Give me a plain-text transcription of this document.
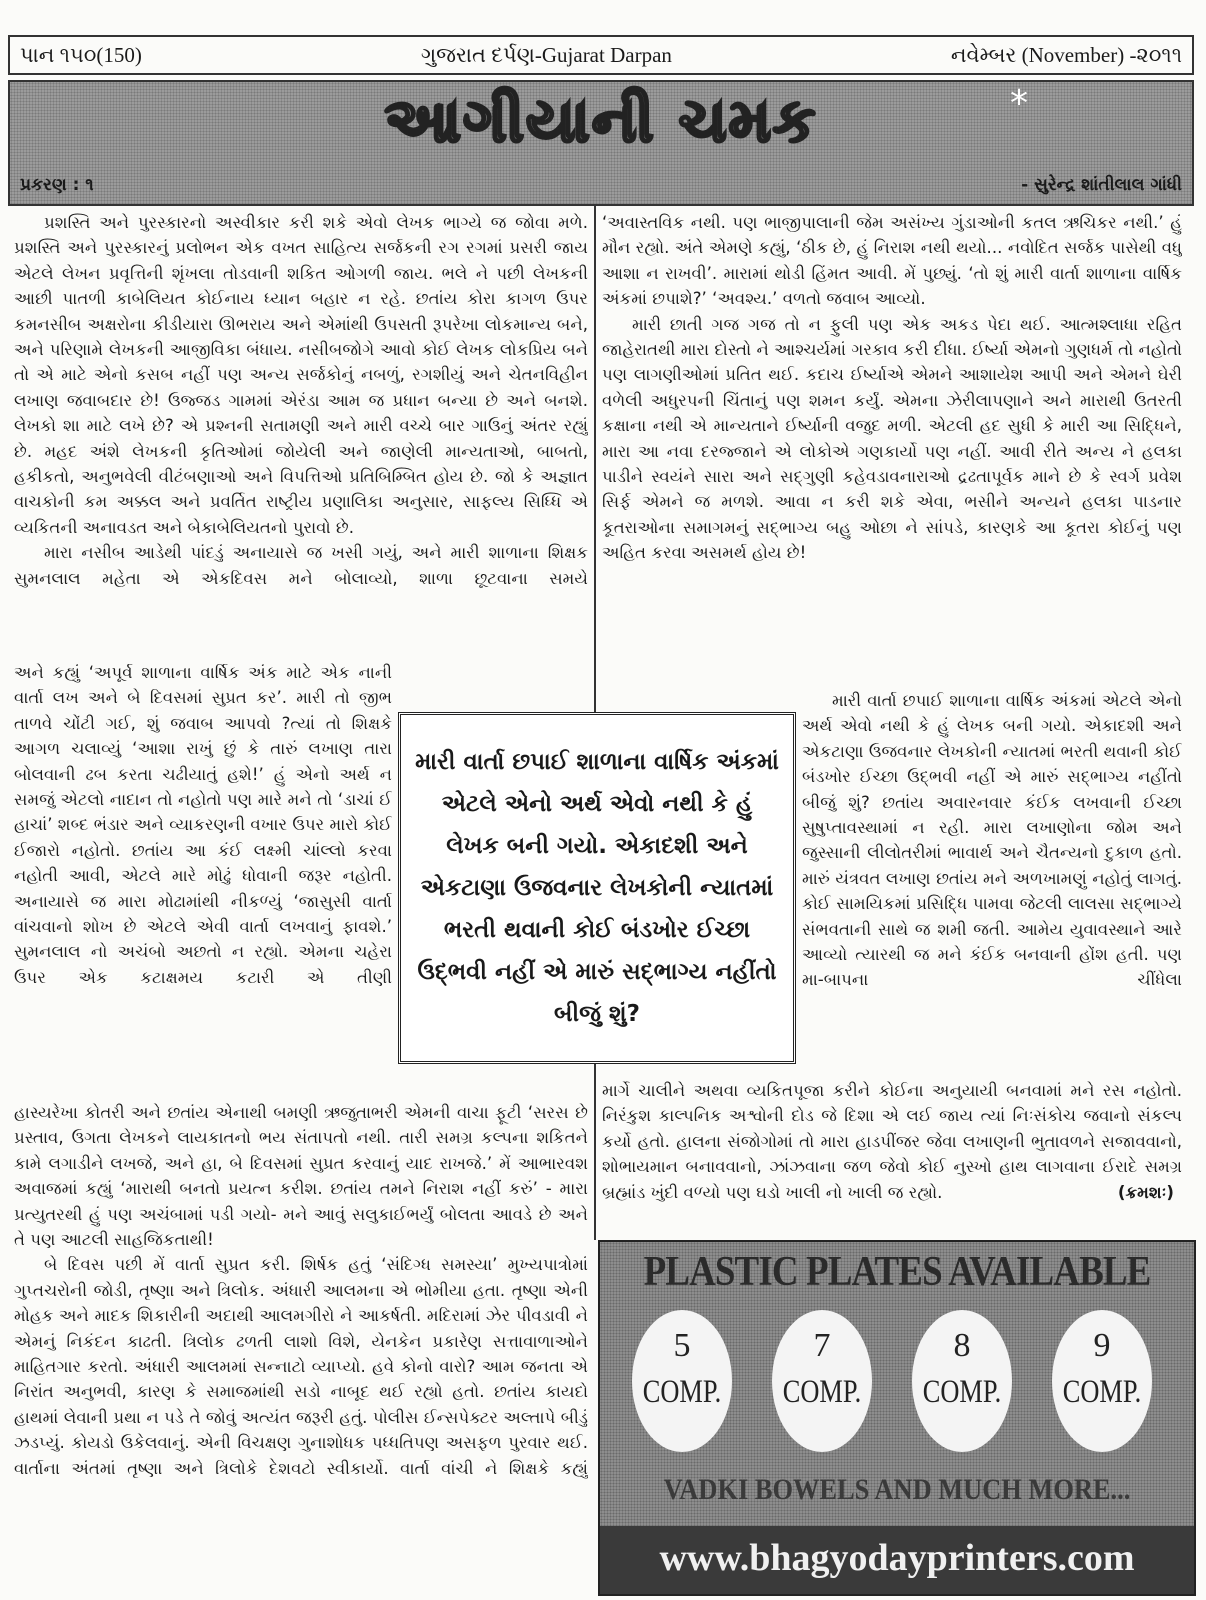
પાન ૧૫૦(150)	ગુજરાત દર્પણ-Gujarat Darpan	નવેમ્બર (November) -૨૦૧૧
આગીયાની ચમક	*
પ્રકરણ : ૧	- સુરેન્દ્ર શાંતીલાલ ગાંધી

પ્રશસ્તિ અને પુરસ્કારનો અસ્વીકાર કરી શકે એવો લેખક ભાગ્યે જ જોવા મળે. પ્રશસ્તિ અને પુરસ્કારનું પ્રલોભન એક વખત સાહિત્ય સર્જકની રગ રગમાં પ્રસરી જાય એટલે લેખન પ્રવૃત્તિની શૃંખલા તોડવાની શકિત ઓગળી જાય. ભલે ને પછી લેખકની આછી પાતળી કાબેલિયત કોઈનાય ધ્યાન બહાર ન રહે. છતાંય કોરા કાગળ ઉપર કમનસીબ અક્ષરોના કીડીયારા ઊભરાય અને એમાંથી ઉપસતી રૂપરેખા લોકમાન્ય બને, અને પરિણામે લેખકની આજીવિકા બંધાય. નસીબજોગે આવો કોઈ લેખક લોકપ્રિય બને તો એ માટે એનો કસબ નહીં પણ અન્ય સર્જકોનું નબળું, રગશીયું અને ચેતનવિહીન લખાણ જવાબદાર છે! ઉજ્જડ ગામમાં એરંડા આમ જ પ્રધાન બન્યા છે અને બનશે. લેખકો શા માટે લખે છે? એ પ્રશ્નની સતામણી અને મારી વચ્ચે બાર ગાઉનું અંતર રહ્યું છે. મહદ અંશે લેખકની કૃતિઓમાં જોયેલી અને જાણેલી માન્યતાઓ, બાબતો, હકીકતો, અનુભવેલી વીટંબણાઓ અને વિપત્તિઓ પ્રતિબિમ્બિત હોય છે. જો કે અજ્ઞાત વાચકોની કમ અક્કલ અને પ્રવર્તિત રાષ્ટ્રીય પ્રણાલિકા અનુસાર, સાફલ્ય સિધ્ધિ એ વ્યકિતની અનાવડત અને બેકાબેલિયતનો પુરાવો છે.

મારા નસીબ આડેથી પાંદડું અનાયાસે જ ખસી ગયું, અને મારી શાળાના શિક્ષક સુમનલાલ મહેતા એ એકદિવસ મને બોલાવ્યો, શાળા છૂટવાના સમયે

અને કહ્યું ‘અપૂર્વ શાળાના વાર્ષિક અંક માટે એક નાની વાર્તા લખ અને બે દિવસમાં સુપ્રત કર’. મારી તો જીભ તાળવે ચોંટી ગઈ, શું જવાબ આપવો ?ત્યાં તો શિક્ષકે આગળ ચલાવ્યું ‘આશા રાખું છું કે તારું લખાણ તારા બોલવાની ઢબ કરતા ચઢીયાતું હશે!’ હું એનો અર્થ ન સમજું એટલો નાદાન તો નહોતો પણ મારે મને તો ‘ડાચાં ઈ હાચાં’ શબ્દ ભંડાર અને વ્યાકરણની વખાર ઉપર મારો કોઈ ઈજારો નહોતો. છતાંય આ કંઈ લક્ષ્મી ચાંલ્લો કરવા નહોતી આવી, એટલે મારે મોઢું ધોવાની જરૂર નહોતી. અનાયાસે જ મારા મોઢામાંથી નીકળ્યું ‘જાસુસી વાર્તા વાંચવાનો શોખ છે એટલે એવી વાર્તા લખવાનું ફાવશે.’ સુમનલાલ નો અચંબો અછતો ન રહ્યો. એમના ચહેરા ઉપર એક કટાક્ષમય કટારી એ તીણી

હાસ્યરેખા કોતરી અને છતાંય એનાથી બમણી ઋજુતાભરી એમની વાચા ફૂટી ‘સરસ છે પ્રસ્તાવ, ઉગતા લેખકને લાયકાતનો ભય સંતાપતો નથી. તારી સમગ્ર કલ્પના શકિતને કામે લગાડીને લખજે, અને હા, બે દિવસમાં સુપ્રત કરવાનું યાદ રાખજે.’ મેં આભારવશ અવાજમાં કહ્યું ‘મારાથી બનતો પ્રયત્ન કરીશ. છતાંય તમને નિરાશ નહીં કરું’ - મારા પ્રત્યુતરથી હું પણ અચંબામાં પડી ગયો- મને આવું સલુકાઈભર્યું બોલતા આવડે છે અને તે પણ આટલી સાહજિકતાથી!

બે દિવસ પછી મેં વાર્તા સુપ્રત કરી. શિર્ષક હતું ‘સંદિગ્ધ સમસ્યા’ મુખ્યપાત્રોમાં ગુપ્તચરોની જોડી, તૃષ્ણા અને ત્રિલોક. અંધારી આલમના એ ભોમીયા હતા. તૃષ્ણા એની મોહક અને માદક શિકારીની અદાથી આલમગીરો ને આકર્ષતી. મદિરામાં ઝેર પીવડાવી ને એમનું નિકંદન કાઢતી. ત્રિલોક ઢળતી લાશો વિશે, યેનકેન પ્રકારેણ સત્તાવાળાઓને માહિતગાર કરતો. અંધારી આલમમાં સન્નાટો વ્યાપ્યો. હવે કોનો વારો? આમ જનતા એ નિરાંત અનુભવી, કારણ કે સમાજમાંથી સડો નાબૂદ થઈ રહ્યો હતો. છતાંય કાયદો હાથમાં લેવાની પ્રથા ન પડે તે જોવું અત્યંત જરૂરી હતું. પોલીસ ઈન્સપેક્ટર અલ્તાપે બીડું ઝડપ્યું. કોયડો ઉકેલવાનું. એની વિચક્ષણ ગુનાશોધક પધ્ધતિપણ અસફળ પુરવાર થઈ. વાર્તાના અંતમાં તૃષ્ણા અને ત્રિલોકે દેશવટો સ્વીકાર્યો. વાર્તા વાંચી ને શિક્ષકે કહ્યું

‘અવાસ્તવિક નથી. પણ ભાજીપાલાની જેમ અસંખ્ય ગુંડાઓની કતલ ઋચિકર નથી.’ હું મૌન રહ્યો. અંતે એમણે કહ્યું, ‘ઠીક છે, હું નિરાશ નથી થયો... નવોદિત સર્જક પાસેથી વધુ આશા ન રાખવી’. મારામાં થોડી હિંમત આવી. મેં પુછ્યું. ‘તો શું મારી વાર્તા શાળાના વાર્ષિક અંકમાં છપાશે?’ ‘અવશ્ય.’ વળતો જવાબ આવ્યો.

મારી છાતી ગજ ગજ તો ન ફુલી પણ એક અકડ પેદા થઈ. આત્મશ્લાધા રહિત જાહેરાતથી મારા દોસ્તો ને આશ્ચર્યમાં ગરકાવ કરી દીધા. ઈર્ષ્યા એમનો ગુણધર્મ તો નહોતો પણ લાગણીઓમાં પ્રતિત થઈ. કદાચ ઈર્ષ્યાએ એમને આશાયેશ આપી અને એમને ઘેરી વળેલી અધુરપની ચિંતાનું પણ શમન કર્યું. એમના ઝેરીલાપણાને અને મારાથી ઉતરતી કક્ષાના નથી એ માન્યતાને ઈર્ષ્યાની વજુદ મળી. એટલી હદ સુધી કે મારી આ સિદ્ધિને, મારા આ નવા દરજ્જાને એ લોકોએ ગણકાર્યો પણ નહીં. આવી રીતે અન્ય ને હલકા પાડીને સ્વયંને સારા અને સદ્‌ગુણી કહેવડાવનારાઓ દ્રઢતાપૂર્વક માને છે કે સ્વર્ગ પ્રવેશ સિર્ફ એમને જ મળશે. આવા ન કરી શકે એવા, ભસીને અન્યને હલકા પાડનાર કૂતરાઓના સમાગમનું સદ્‌ભાગ્ય બહુ ઓછા ને સાંપડે, કારણકે આ કૂતરા કોઈનું પણ અહિત કરવા અસમર્થ હોય છે!

મારી વાર્તા છપાઈ શાળાના વાર્ષિક અંકમાં એટલે એનો અર્થ એવો નથી કે હું લેખક બની ગયો. એકાદશી અને એકટાણા ઉજવનાર લેખકોની ન્યાતમાં ભરતી થવાની કોઈ બંડખોર ઈચ્છા ઉદ્‌ભવી નહીં એ મારું સદ્‌ભાગ્ય નહીંતો બીજું શું? છતાંય અવારનવાર કંઈક લખવાની ઈચ્છા સુષુપ્તાવસ્થામાં ન રહી. મારા લખાણોના જોમ અને જુસ્સાની લીલોતરીમાં ભાવાર્થ અને ચૈતન્યનો દુકાળ હતો. મારું યંત્રવત લખાણ છતાંય મને અળખામણું નહોતું લાગતું. કોઈ સામયિકમાં પ્રસિદ્ધિ પામવા જેટલી લાલસા સદ્‌ભાગ્યે સંભવતાની સાથે જ શમી જતી. આમેય યુવાવસ્થાને આરે આવ્યો ત્યારથી જ મને કંઈક બનવાની હોંશ હતી. પણ મા-બાપના ચીંધેલા

માર્ગે ચાલીને અથવા વ્યકિતપૂજા કરીને કોઈના અનુયાયી બનવામાં મને રસ નહોતો. નિરંકુશ કાલ્પનિક અશ્વોની દોડ જે દિશા એ લઈ જાય ત્યાં નિઃસંકોચ જવાનો સંકલ્પ કર્યો હતો. હાલના સંજોગોમાં તો મારા હાડપીંજર જેવા લખાણની ભુતાવળને સજાવવાનો, શોભાયમાન બનાવવાનો, ઝાંઝવાના જળ જેવો કોઈ નુસ્ખો હાથ લાગવાના ઈરાદે સમગ્ર બ્રહ્માંડ ખુંદી વળ્યો પણ ઘડો ખાલી નો ખાલી જ રહ્યો.	(ક્રમશઃ)

મારી વાર્તા છપાઈ શાળાના વાર્ષિક અંકમાં એટલે એનો અર્થ એવો નથી કે હું લેખક બની ગયો. એકાદશી અને એકટાણા ઉજવનાર લેખકોની ન્યાતમાં ભરતી થવાની કોઈ બંડખોર ઈચ્છા ઉદ્‌ભવી નહીં એ મારું સદ્‌ભાગ્ય નહીંતો બીજું શું?
PLASTIC PLATES AVAILABLE
5
COMP.
7
COMP.
8
COMP.
9
COMP.
VADKI BOWELS AND MUCH MORE...
www.bhagyodayprinters.com
